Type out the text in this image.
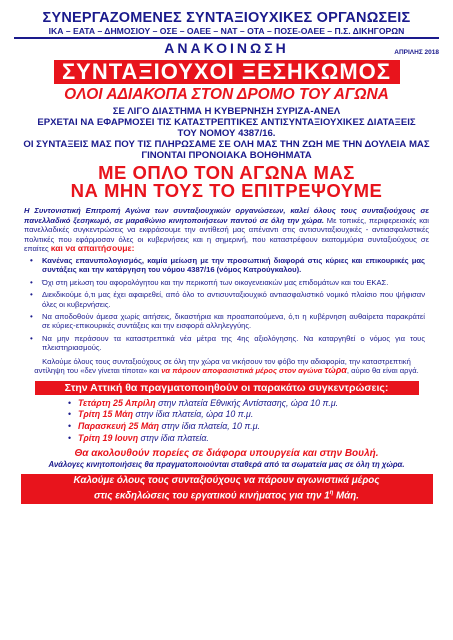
ΣΥΝΕΡΓΑΖΟΜΕΝΕΣ ΣΥΝΤΑΞΙΟΥΧΙΚΕΣ ΟΡΓΑΝΩΣΕΙΣ
ΙΚΑ – ΕΑΤΑ – ΔΗΜΟΣΙΟΥ – ΟΣΕ – ΟΑΕΕ – ΝΑΤ – ΟΤΑ – ΠΟΣΕ-ΟΑΕΕ – Π.Σ. ΔΙΚΗΓΟΡΩΝ
ΑΝΑΚΟΙΝΩΣΗ	ΑΠΡΙΛΗΣ 2018
ΣΥΝΤΑΞΙΟΥΧΟΙ ΞΕΣΗΚΩΜΟΣ
ΟΛΟΙ ΑΔΙΑΚΟΠΑ ΣΤΟΝ ΔΡΟΜΟ ΤΟΥ ΑΓΩΝΑ
ΣΕ ΛΙΓΟ ΔΙΑΣΤΗΜΑ Η ΚΥΒΕΡΝΗΣΗ ΣΥΡΙΖΑ-ΑΝΕΛ
ΕΡΧΕΤΑΙ ΝΑ ΕΦΑΡΜΟΣΕΙ ΤΙΣ ΚΑΤΑΣΤΡΕΠΤΙΚΕΣ ΑΝΤΙΣΥΝΤΑΞΙΟΥΧΙΚΕΣ ΔΙΑΤΑΞΕΙΣ
ΤΟΥ ΝΟΜΟΥ 4387/16.
ΟΙ ΣΥΝΤΑΞΕΙΣ ΜΑΣ ΠΟΥ ΤΙΣ ΠΛΗΡΩΣΑΜΕ ΣΕ ΟΛΗ ΜΑΣ ΤΗΝ ΖΩΗ ΜΕ ΤΗΝ ΔΟΥΛΕΙΑ ΜΑΣ
ΓΙΝΟΝΤΑΙ ΠΡΟΝΟΙΑΚΑ ΒΟΗΘΗΜΑΤΑ
ΜΕ ΟΠΛΟ ΤΟΝ ΑΓΩΝΑ ΜΑΣ
ΝΑ ΜΗΝ ΤΟΥΣ ΤΟ ΕΠΙΤΡΕΨΟΥΜΕ
Η Συντονιστική Επιτροπή Αγώνα των συνταξιουχικών οργανώσεων, καλεί όλους τους συνταξιούχους σε πανελλαδικό ξεσηκωμό, σε μαραθώνιο κινητοποιήσεων παντού σε όλη την χώρα. Με τοπικές, περιφερειακές και πανελλαδικές συγκεντρώσεις να εκφράσουμε την αντίθεσή μας απέναντι στις αντισυνταξιουχικές - αντιασφαλιστικές πολιτικές που εφάρμοσαν όλες οι κυβερνήσεις και η σημερινή, που καταστρέφουν εκατομμύρια συνταξιούχους σε επαίτες και να απαιτήσουμε:
• Κανένας επανυπολογισμός, καμία μείωση με την προσωπική διαφορά στις κύριες και επικουρικές μας συντάξεις και την κατάργηση του νόμου 4387/16 (νόμος Κατρούγκαλου).
• Όχι στη μείωση του αφορολόγητου και την περικοπή των οικογενειακών μας επιδομάτων και του ΕΚΑΣ.
• Διεκδικούμε ό,τι μας έχει αφαιρεθεί, από όλο το αντισυνταξιουχικό αντιασφαλιστικό νομικό πλαίσιο που ψήφισαν όλες οι κυβερνήσεις.
• Να αποδοθούν άμεσα χωρίς αιτήσεις, δικαστήρια και προαπαιτούμενα, ό,τι η κυβέρνηση αυθαίρετα παρακράτεί σε κύριες-επικουρικές συντάξεις και την εισφορά αλληλεγγύης.
• Να μην περάσουν τα καταστρεπτικά νέα μέτρα της 4ης αξιολόγησης. Να καταργηθεί ο νόμος για τους πλειστηριασμούς.
Καλούμε όλους τους συνταξιούχους σε όλη την χώρα να νικήσουν τον φόβο την αδιαφορία, την καταστρεπτική αντίληψη του «δεν γίνεται τίποτα» και να πάρουν αποφασιστικά μέρος στον αγώνα τώρα, αύριο θα είναι αργά.
Στην Αττική θα πραγματοποιηθούν οι παρακάτω συγκεντρώσεις:
• Τετάρτη 25 Απρίλη στην πλατεία Εθνικής Αντίστασης, ώρα 10 π.μ.
• Τρίτη 15 Μάη στην ίδια πλατεία, ώρα 10 π.μ.
• Παρασκευή 25 Μάη στην ίδια πλατεία, 10 π.μ.
• Τρίτη 19 Ιουνη στην ίδια πλατεία.
Θα ακολουθούν πορείες σε διάφορα υπουργεία και στην Βουλή.
Ανάλογες κινητοποιήσεις θα πραγματοποιούνται σταθερά από τα σωματεία μας σε όλη τη χώρα.
Καλούμε όλους τους συνταξιούχους να πάρουν αγωνιστικά μέρος
στις εκδηλώσεις του εργατικού κινήματος για την $1^\eta$ Μάη.
